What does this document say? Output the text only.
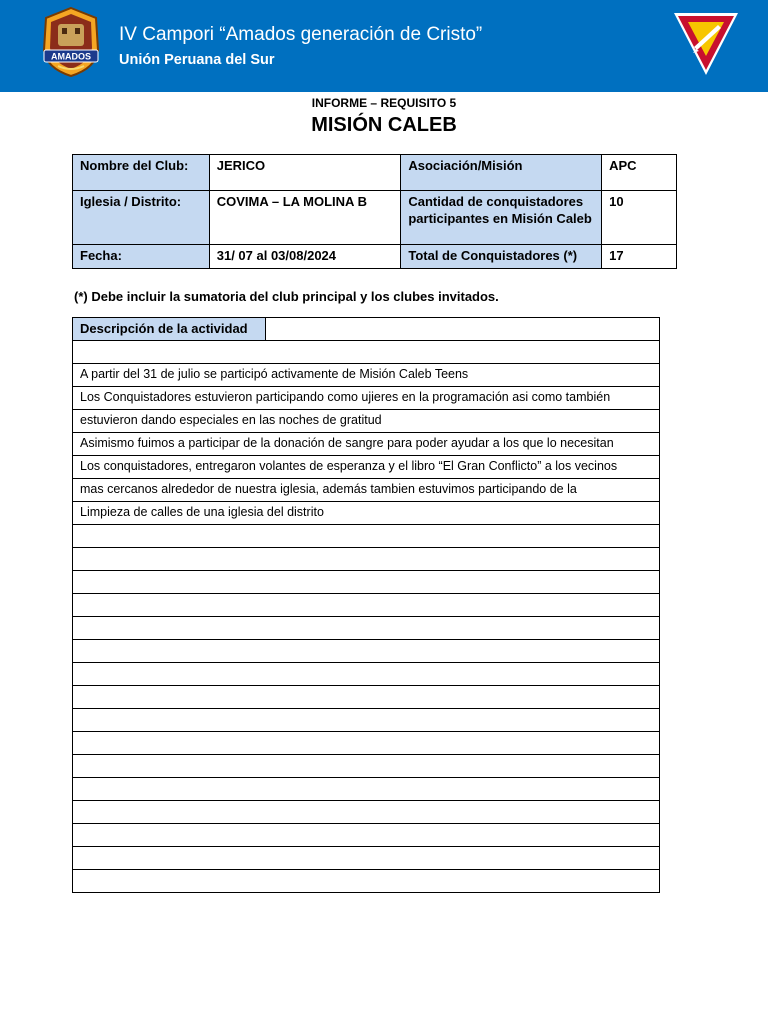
AMADOS
IV Campori “Amados generación de Cristo”
Unión Peruana del Sur
INFORME – REQUISITO 5
MISIÓN CALEB
Nombre del Club:	JERICO	Asociación/Misión	APC
Iglesia / Distrito:	COVIMA – LA MOLINA B	Cantidad de conquistadores participantes en Misión Caleb	10
Fecha:	31/ 07 al 03/08/2024	Total de Conquistadores (*)	17
(*) Debe incluir la sumatoria del club principal y los clubes invitados.
Descripción de la actividad	

A partir del 31 de julio se participó activamente de Misión Caleb Teens
Los Conquistadores estuvieron participando como ujieres en la programación asi como también
estuvieron dando especiales en las noches de gratitud
Asimismo fuimos a participar de la donación de sangre para poder ayudar a los que lo necesitan
Los conquistadores, entregaron volantes de esperanza y el libro “El Gran Conflicto” a los vecinos
mas cercanos alrededor de nuestra iglesia, además tambien estuvimos participando de la
Limpieza de calles de una iglesia del distrito
